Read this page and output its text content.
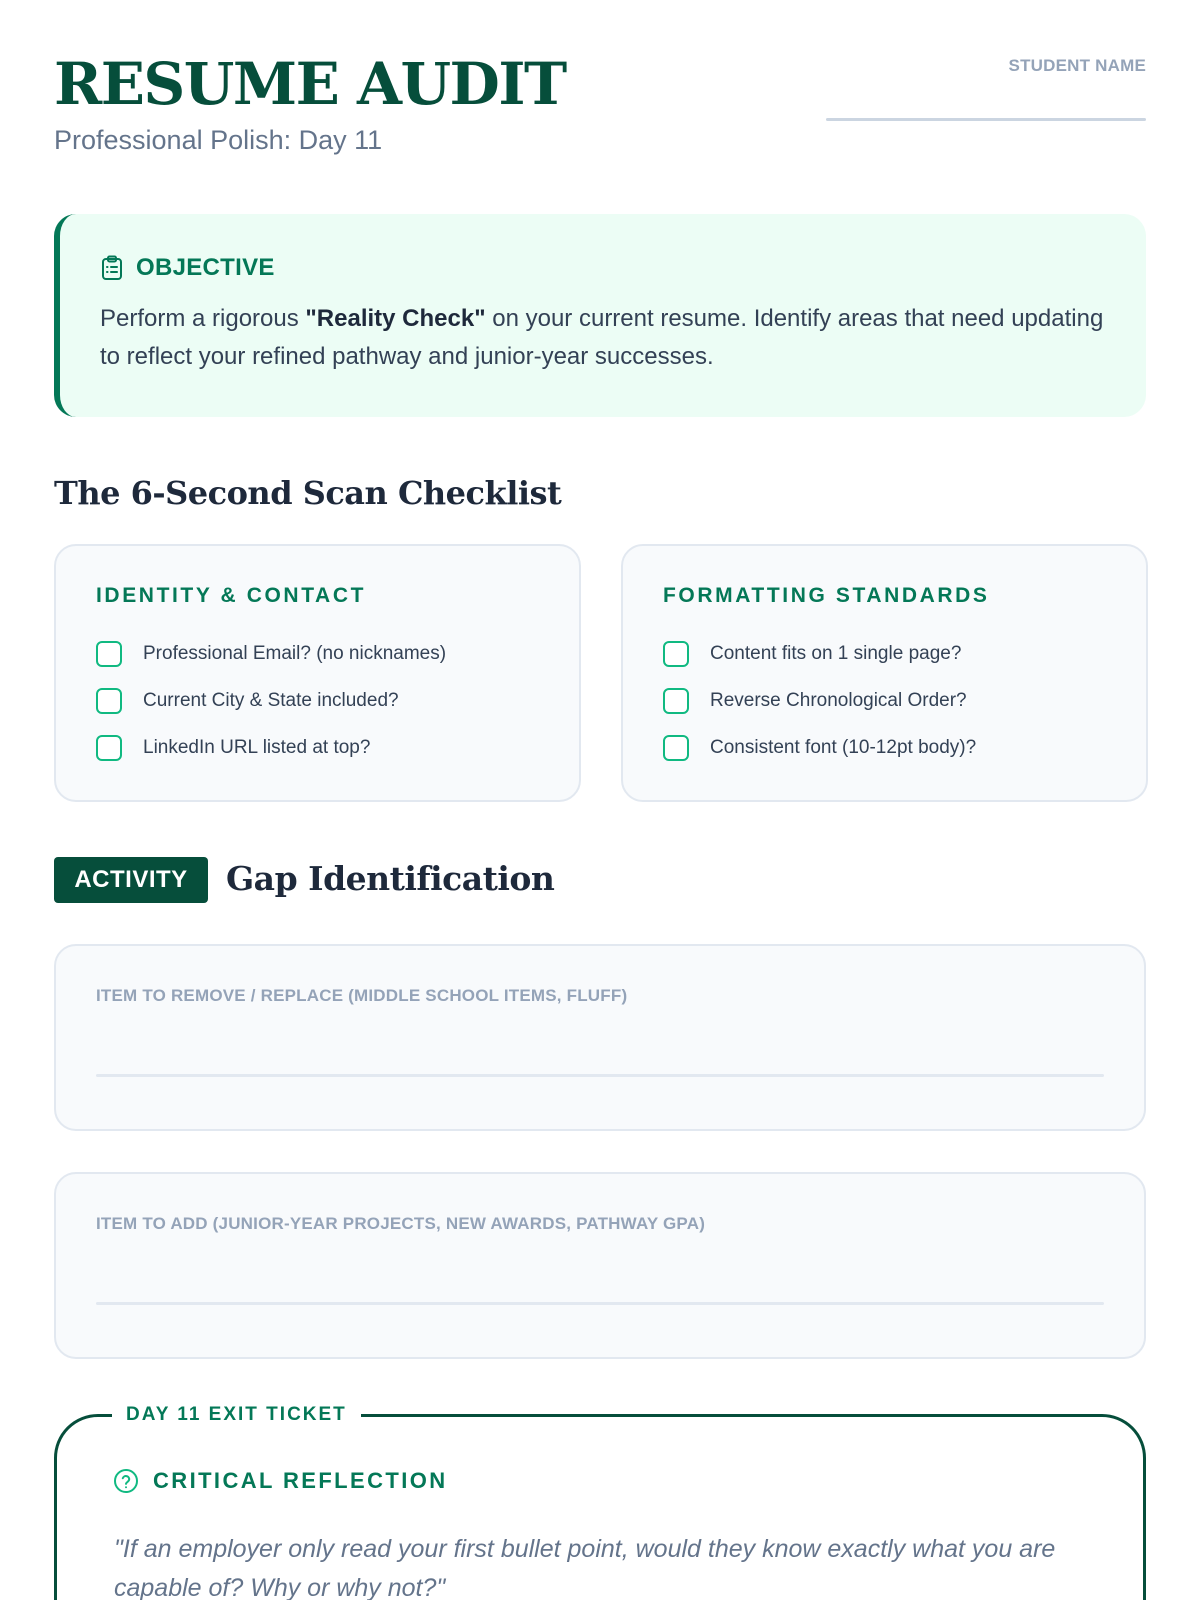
RESUME AUDIT
Professional Polish: Day 11
STUDENT NAME
OBJECTIVE

Perform a rigorous "Reality Check" on your current resume. Identify areas that need updating to reflect your refined pathway and junior-year successes.

The 6-Second Scan Checklist
IDENTITY & CONTACT
Professional Email? (no nicknames)
Current City & State included?
LinkedIn URL listed at top?
FORMATTING STANDARDS
Content fits on 1 single page?
Reverse Chronological Order?
Consistent font (10-12pt body)?
ACTIVITY	Gap Identification
ITEM TO REMOVE / REPLACE (MIDDLE SCHOOL ITEMS, FLUFF)
ITEM TO ADD (JUNIOR-YEAR PROJECTS, NEW AWARDS, PATHWAY GPA)
DAY 11 EXIT TICKET
CRITICAL REFLECTION

"If an employer only read your first bullet point, would they know exactly what you are capable of? Why or why not?"
